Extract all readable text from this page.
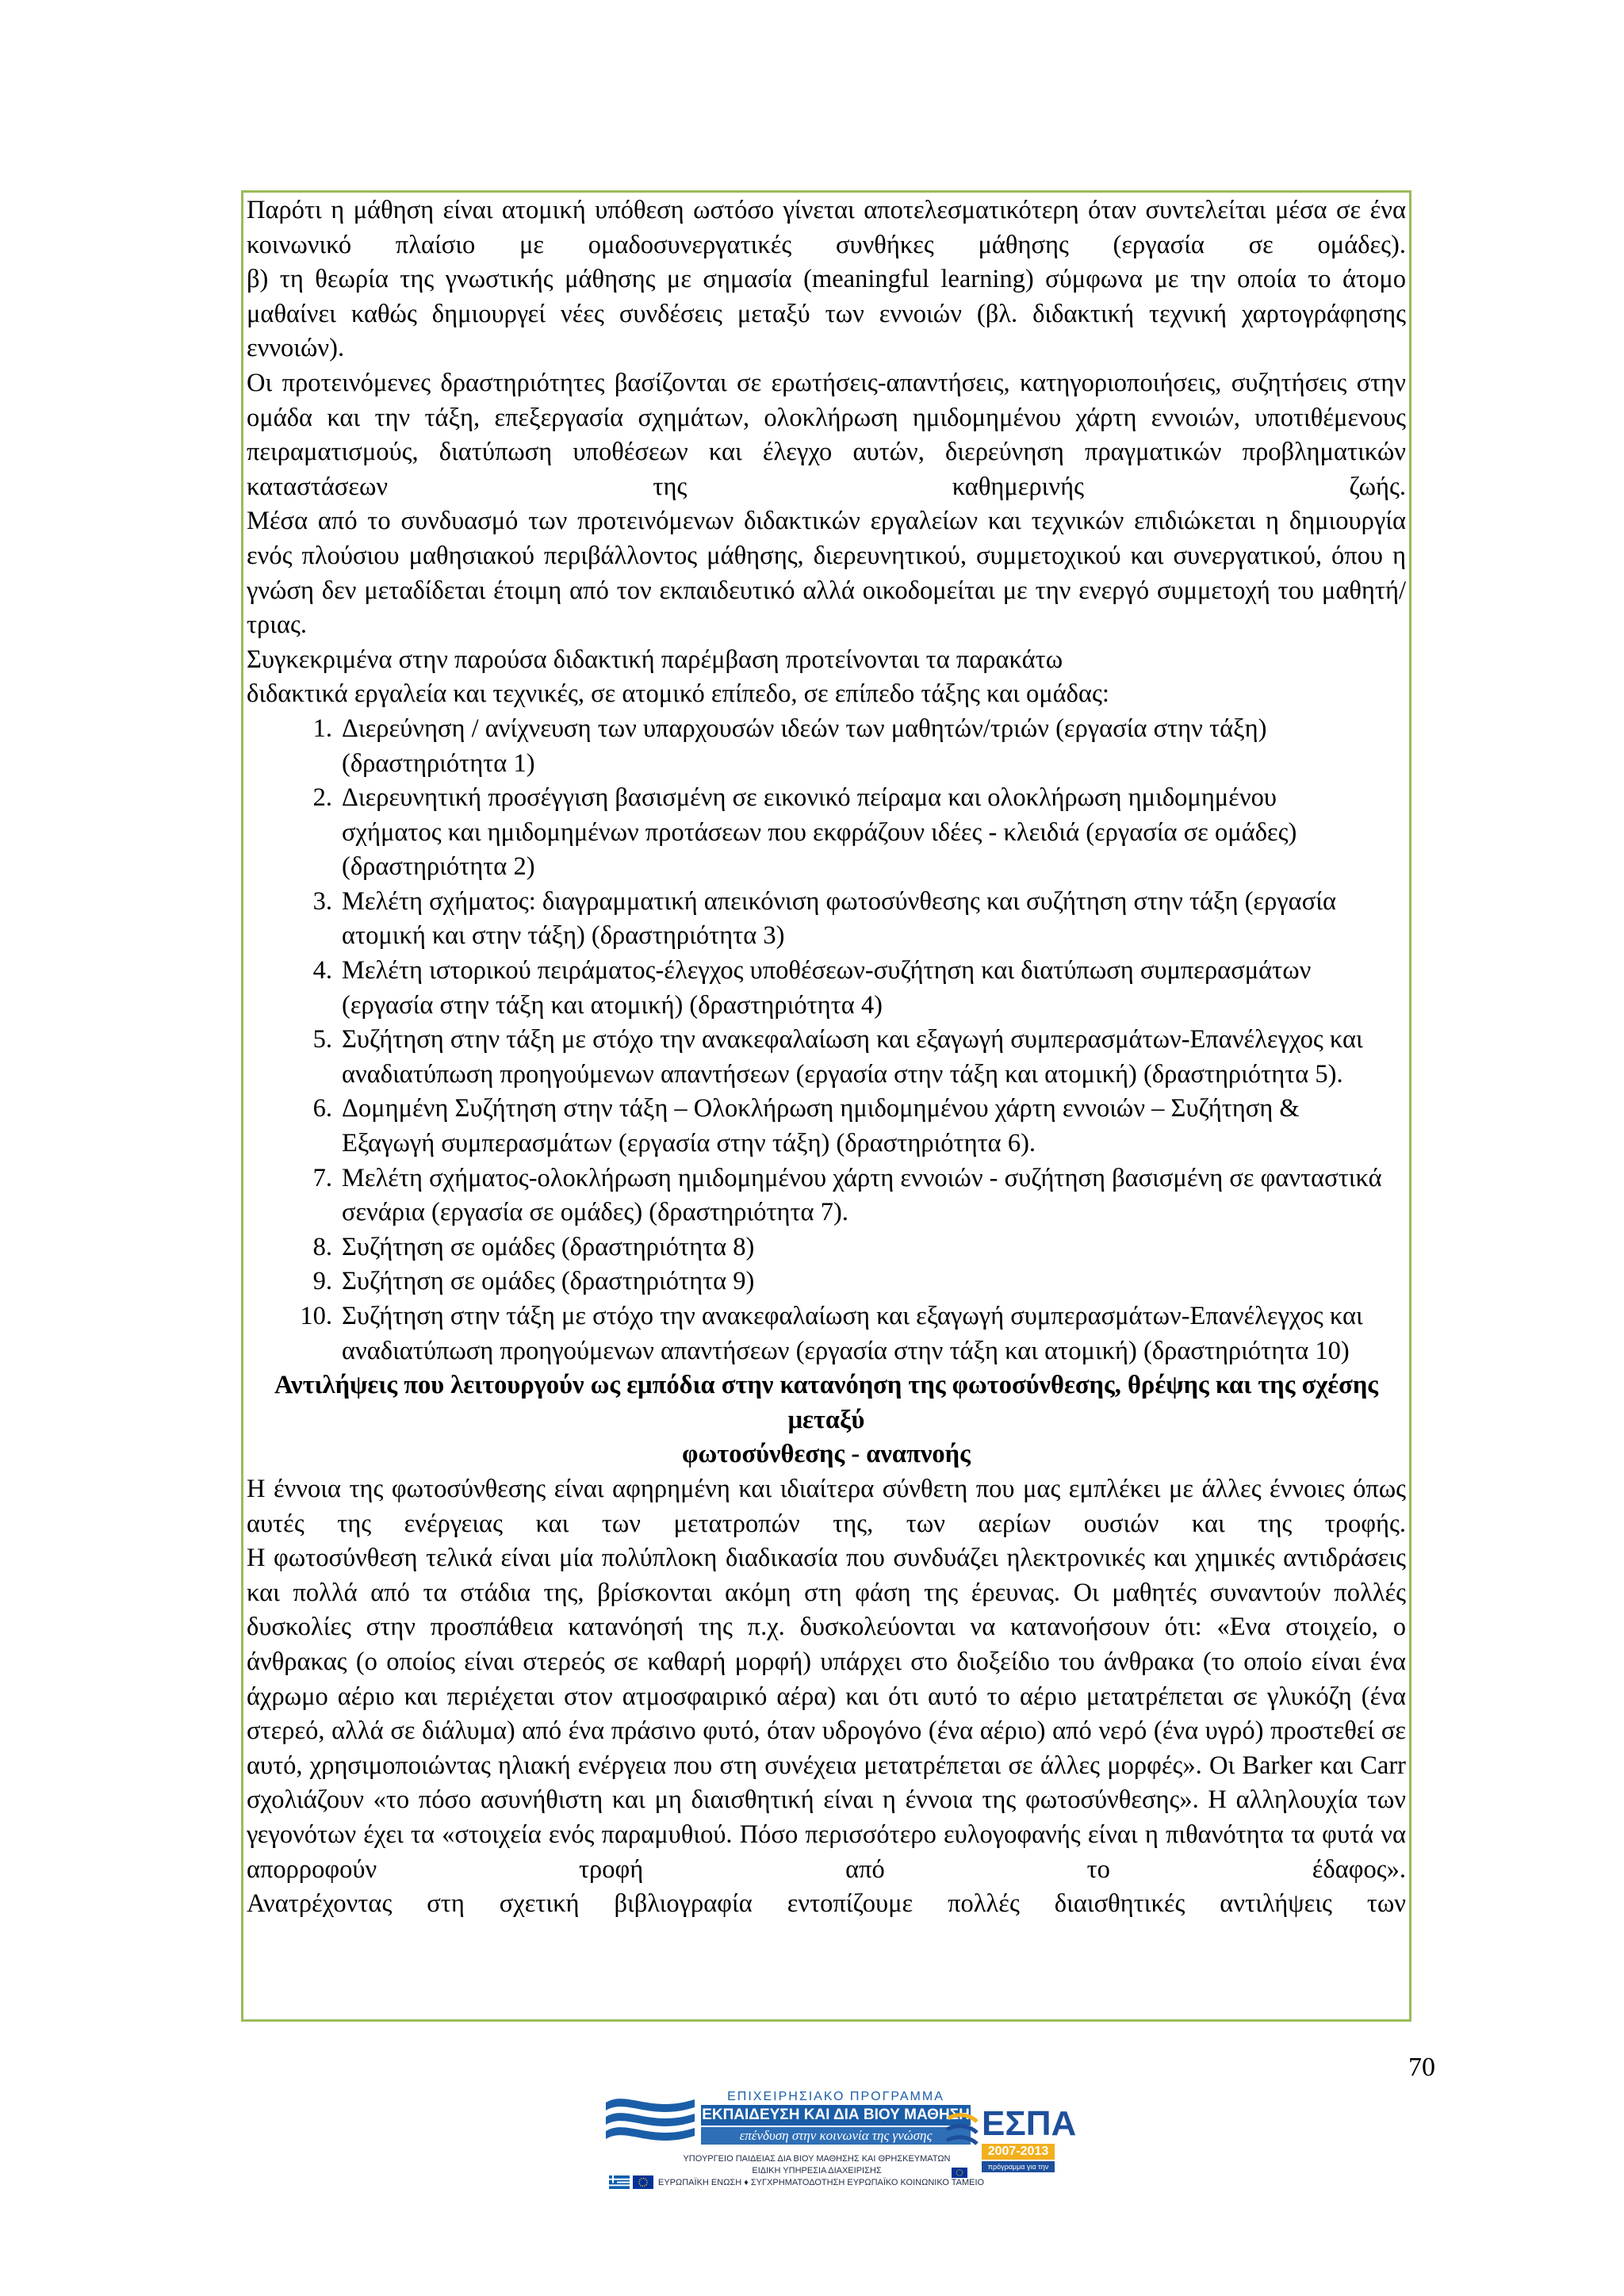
Παρότι η μάθηση είναι ατομική υπόθεση ωστόσο γίνεται αποτελεσματικότερη όταν συντελείται μέσα σε ένα κοινωνικό πλαίσιο με ομαδοσυνεργατικές συνθήκες μάθησης (εργασία σε ομάδες).

β) τη θεωρία της γνωστικής μάθησης με σημασία (meaningful learning) σύμφωνα με την οποία το άτομο μαθαίνει καθώς δημιουργεί νέες συνδέσεις μεταξύ των εννοιών (βλ. διδακτική τεχνική χαρτογράφησης εννοιών).

Οι προτεινόμενες δραστηριότητες βασίζονται σε ερωτήσεις-απαντήσεις, κατηγοριοποιήσεις, συζητήσεις στην ομάδα και την τάξη, επεξεργασία σχημάτων, ολοκλήρωση ημιδομημένου χάρτη εννοιών, υποτιθέμενους πειραματισμούς, διατύπωση υποθέσεων και έλεγχο αυτών, διερεύνηση πραγματικών προβληματικών καταστάσεων της καθημερινής ζωής.

Μέσα από το συνδυασμό των προτεινόμενων διδακτικών εργαλείων και τεχνικών επιδιώκεται η δημιουργία ενός πλούσιου μαθησιακού περιβάλλοντος μάθησης, διερευνητικού, συμμετοχικού και συνεργατικού, όπου η γνώση δεν μεταδίδεται έτοιμη από τον εκπαιδευτικό αλλά οικοδομείται με την ενεργό συμμετοχή του μαθητή/τριας.

Συγκεκριμένα στην παρούσα διδακτική παρέμβαση προτείνονται τα παρακάτω

διδακτικά εργαλεία και τεχνικές, σε ατομικό επίπεδο, σε επίπεδο τάξης και ομάδας:

1 . Διερεύνηση / ανίχνευση των υπαρχουσών ιδεών των μαθητών/τριών (εργασία στην τάξη) (δραστηριότητα 1)
2 . Διερευνητική προσέγγιση βασισμένη σε εικονικό πείραμα και ολοκλήρωση ημιδομημένου σχήματος και ημιδομημένων προτάσεων που εκφράζουν ιδέες - κλειδιά (εργασία σε ομάδες) (δραστηριότητα 2)
3 . Μελέτη σχήματος: διαγραμματική απεικόνιση φωτοσύνθεσης και συζήτηση στην τάξη (εργασία ατομική και στην τάξη) (δραστηριότητα 3)
4 . Μελέτη ιστορικού πειράματος-έλεγχος υποθέσεων-συζήτηση και διατύπωση συμπερασμάτων (εργασία στην τάξη και ατομική) (δραστηριότητα 4)
5 . Συζήτηση στην τάξη με στόχο την ανακεφαλαίωση και εξαγωγή συμπερασμάτων-Επανέλεγχος και αναδιατύπωση προηγούμενων απαντήσεων (εργασία στην τάξη και ατομική) (δραστηριότητα 5).
6 . Δομημένη Συζήτηση στην τάξη – Ολοκλήρωση ημιδομημένου χάρτη εννοιών – Συζήτηση & Εξαγωγή συμπερασμάτων (εργασία στην τάξη) (δραστηριότητα 6).
7 . Μελέτη σχήματος-ολοκλήρωση ημιδομημένου χάρτη εννοιών - συζήτηση βασισμένη σε φανταστικά σενάρια (εργασία σε ομάδες) (δραστηριότητα 7).
8 . Συζήτηση σε ομάδες (δραστηριότητα 8)
9 . Συζήτηση σε ομάδες (δραστηριότητα 9)
10 . Συζήτηση στην τάξη με στόχο την ανακεφαλαίωση και εξαγωγή συμπερασμάτων-Επανέλεγχος και αναδιατύπωση προηγούμενων απαντήσεων (εργασία στην τάξη και ατομική) (δραστηριότητα 10)

Αντιλήψεις που λειτουργούν ως εμπόδια στην κατανόηση της φωτοσύνθεσης, θρέψης και της σχέσης μεταξύ

φωτοσύνθεσης - αναπνοής

Η έννοια της φωτοσύνθεσης είναι αφηρημένη και ιδιαίτερα σύνθετη που μας εμπλέκει με άλλες έννοιες όπως αυτές της ενέργειας και των μετατροπών της, των αερίων ουσιών και της τροφής.

Η φωτοσύνθεση τελικά είναι μία πολύπλοκη διαδικασία που συνδυάζει ηλεκτρονικές και χημικές αντιδράσεις και πολλά από τα στάδια της, βρίσκονται ακόμη στη φάση της έρευνας. Οι μαθητές συναντούν πολλές δυσκολίες στην προσπάθεια κατανόησή της π.χ. δυσκολεύονται να κατανοήσουν ότι: «Ενα στοιχείο, ο άνθρακας (ο οποίος είναι στερεός σε καθαρή μορφή) υπάρχει στο διοξείδιο του άνθρακα (το οποίο είναι ένα άχρωμο αέριο και περιέχεται στον ατμοσφαιρικό αέρα) και ότι αυτό το αέριο μετατρέπεται σε γλυκόζη (ένα στερεό, αλλά σε διάλυμα) από ένα πράσινο φυτό, όταν υδρογόνο (ένα αέριο) από νερό (ένα υγρό) προστεθεί σε αυτό, χρησιμοποιώντας ηλιακή ενέργεια που στη συνέχεια μετατρέπεται σε άλλες μορφές». Οι Barker και Carr σχολιάζουν «το πόσο ασυνήθιστη και μη διαισθητική είναι η έννοια της φωτοσύνθεσης». Η αλληλουχία των γεγονότων έχει τα «στοιχεία ενός παραμυθιού. Πόσο περισσότερο ευλογοφανής είναι η πιθανότητα τα φυτά να απορροφούν τροφή από το έδαφος».

Ανατρέχοντας στη σχετική βιβλιογραφία εντοπίζουμε πολλές διαισθητικές αντιλήψεις των

70
ΕΠΙΧΕΙΡΗΣΙΑΚΟ ΠΡΟΓΡΑΜΜΑ
ΕΚΠΑΙΔΕΥΣΗ ΚΑΙ ΔΙΑ ΒΙΟΥ ΜΑΘΗΣΗ
επένδυση στην κοινωνία της γνώσης
ΥΠΟΥΡΓΕΙΟ ΠΑΙΔΕΙΑΣ ΔΙΑ ΒΙΟΥ ΜΑΘΗΣΗΣ ΚΑΙ ΘΡΗΣΚΕΥΜΑΤΩΝ
ΕΙΔΙΚΗ ΥΠΗΡΕΣΙΑ ΔΙΑΧΕΙΡΙΣΗΣ
ΕΥΡΩΠΑΪΚΗ ΕΝΩΣΗ ♦ ΣΥΓΧΡΗΜΑΤΟΔΟΤΗΣΗ ΕΥΡΩΠΑΪΚΟ ΚΟΙΝΩΝΙΚΟ ΤΑΜΕΙΟ
ΕΣΠΑ
2007-2013
πρόγραμμα για την ανάπτυξη
